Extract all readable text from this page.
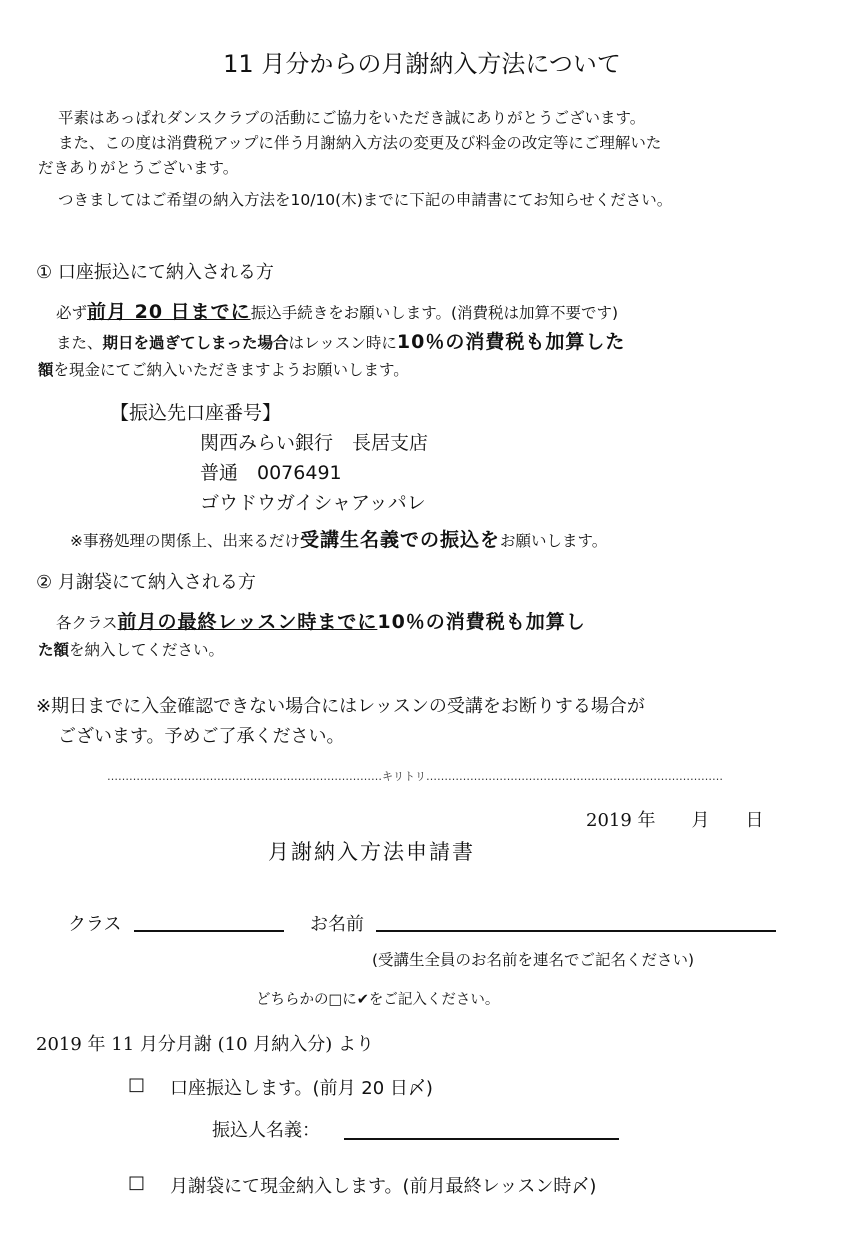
11 月分からの月謝納入方法について
平素はあっぱれダンスクラブの活動にご協力をいただき誠にありがとうございます。
また、この度は消費税アップに伴う月謝納入方法の変更及び料金の改定等にご理解いた
だきありがとうございます。
つきましてはご希望の納入方法を10/10(木)までに下記の申請書にてお知らせください。
① 口座振込にて納入される方
必ず前月 20 日までに振込手続きをお願いします。(消費税は加算不要です)
また、期日を過ぎてしまった場合はレッスン時に10％の消費税も加算した
額を現金にてご納入いただきますようお願いします。
【振込先口座番号】
関西みらい銀行　長居支店
普通　0076491
ゴウドウガイシャアッパレ
※事務処理の関係上、出来るだけ受講生名義での振込をお願いします。
② 月謝袋にて納入される方
各クラス前月の最終レッスン時までに10％の消費税も加算し
た額を納入してください。
※期日までに入金確認できない場合にはレッスンの受講をお断りする場合が
ございます。予めご了承ください。
…………………………………………………………………キリトリ………………………………………………………………………
2019 年　　月　　日
月謝納入方法申請書
クラス	お名前
(受講生全員のお名前を連名でご記名ください)
どちらかの□に✔をご記入ください。
2019 年 11 月分月謝 (10 月納入分) より
□ 口座振込します。(前月 20 日〆)
振込人名義：
□ 月謝袋にて現金納入します。(前月最終レッスン時〆)
